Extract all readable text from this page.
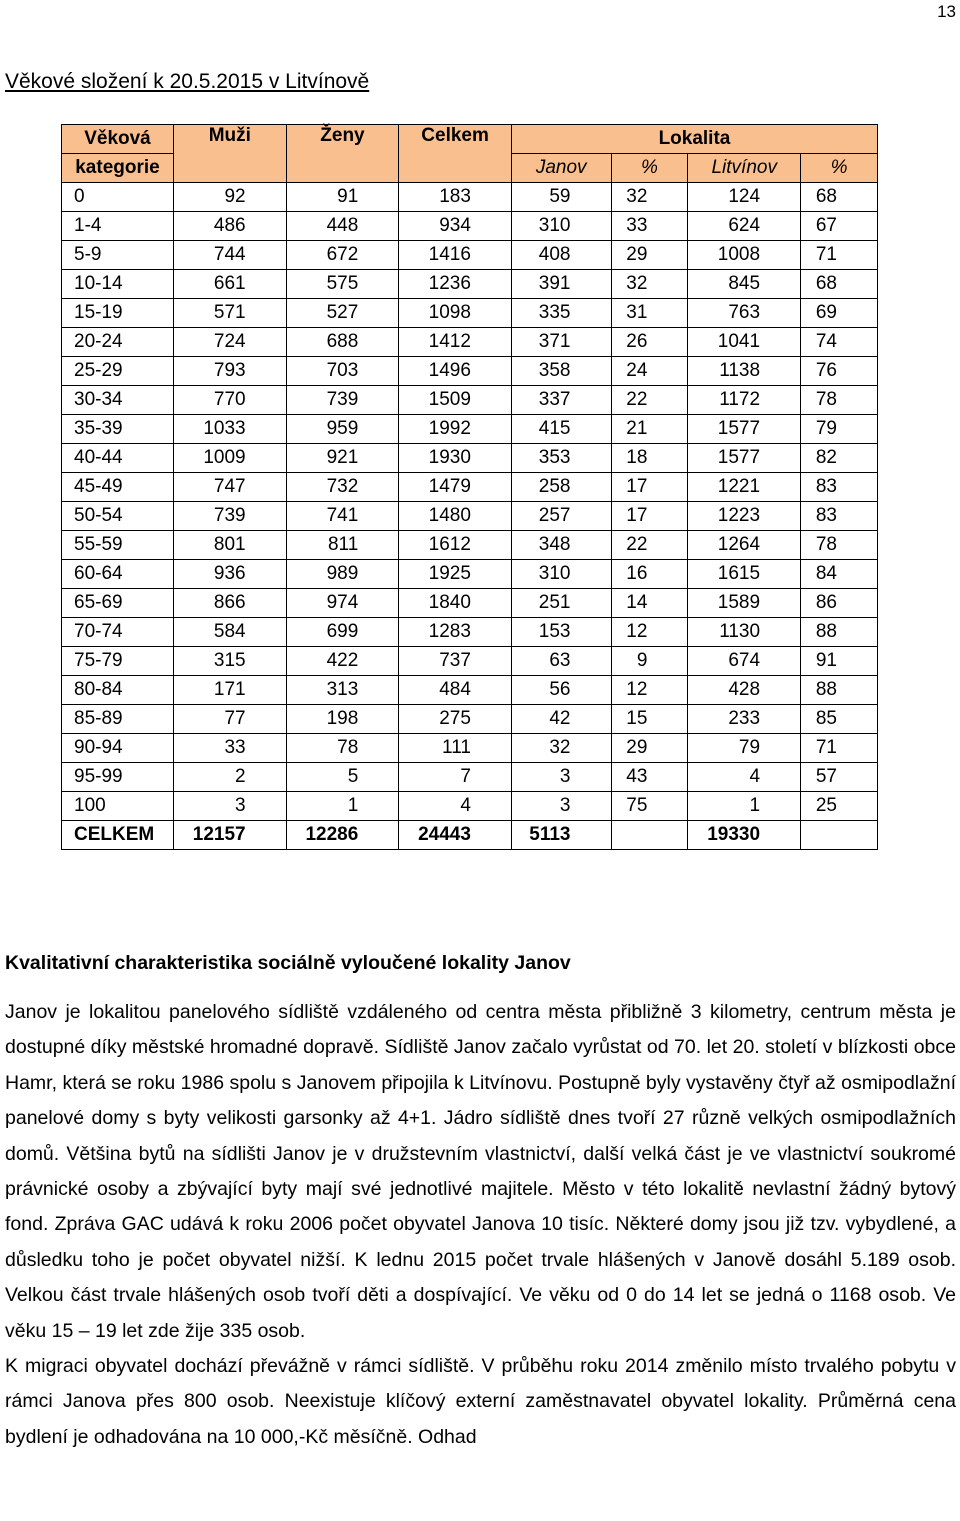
13
Věkové složení k 20.5.2015 v Litvínově
Věková	Muži	Ženy	Celkem	Lokalita			
kategorie				Janov	%	Litvínov	%
0	92	91	183	59	32	124	68
1-4	486	448	934	310	33	624	67
5-9	744	672	1416	408	29	1008	71
10-14	661	575	1236	391	32	845	68
15-19	571	527	1098	335	31	763	69
20-24	724	688	1412	371	26	1041	74
25-29	793	703	1496	358	24	1138	76
30-34	770	739	1509	337	22	1172	78
35-39	1033	959	1992	415	21	1577	79
40-44	1009	921	1930	353	18	1577	82
45-49	747	732	1479	258	17	1221	83
50-54	739	741	1480	257	17	1223	83
55-59	801	811	1612	348	22	1264	78
60-64	936	989	1925	310	16	1615	84
65-69	866	974	1840	251	14	1589	86
70-74	584	699	1283	153	12	1130	88
75-79	315	422	737	63	9	674	91
80-84	171	313	484	56	12	428	88
85-89	77	198	275	42	15	233	85
90-94	33	78	111	32	29	79	71
95-99	2	5	7	3	43	4	57
100	3	1	4	3	75	1	25
CELKEM	12157	12286	24443	5113		19330	
Kvalitativní charakteristika sociálně vyloučené lokality Janov

Janov je lokalitou panelového sídliště vzdáleného od centra města přibližně 3 kilometry, centrum města je dostupné díky městské hromadné dopravě. Sídliště Janov začalo vyrůstat od 70. let 20. století v blízkosti obce Hamr, která se roku 1986 spolu s Janovem připojila k Litvínovu. Postupně byly vystavěny čtyř až osmipodlažní panelové domy s byty velikosti garsonky až 4+1. Jádro sídliště dnes tvoří 27 různě velkých osmipodlažních domů. Většina bytů na sídlišti Janov je v družstevním vlastnictví, další velká část je ve vlastnictví soukromé právnické osoby a zbývající byty mají své jednotlivé majitele. Město v této lokalitě nevlastní žádný bytový fond. Zpráva GAC udává k roku 2006 počet obyvatel Janova 10 tisíc. Některé domy jsou již tzv. vybydlené, a důsledku toho je počet obyvatel nižší. K lednu 2015 počet trvale hlášených v Janově dosáhl 5.189 osob. Velkou část trvale hlášených osob tvoří děti a dospívající. Ve věku od 0 do 14 let se jedná o 1168 osob. Ve věku 15 – 19 let zde žije 335 osob.

K migraci obyvatel dochází převážně v rámci sídliště. V průběhu roku 2014 změnilo místo trvalého pobytu v rámci Janova přes 800 osob. Neexistuje klíčový externí zaměstnavatel obyvatel lokality. Průměrná cena bydlení je odhadována na 10 000,-Kč měsíčně. Odhad
